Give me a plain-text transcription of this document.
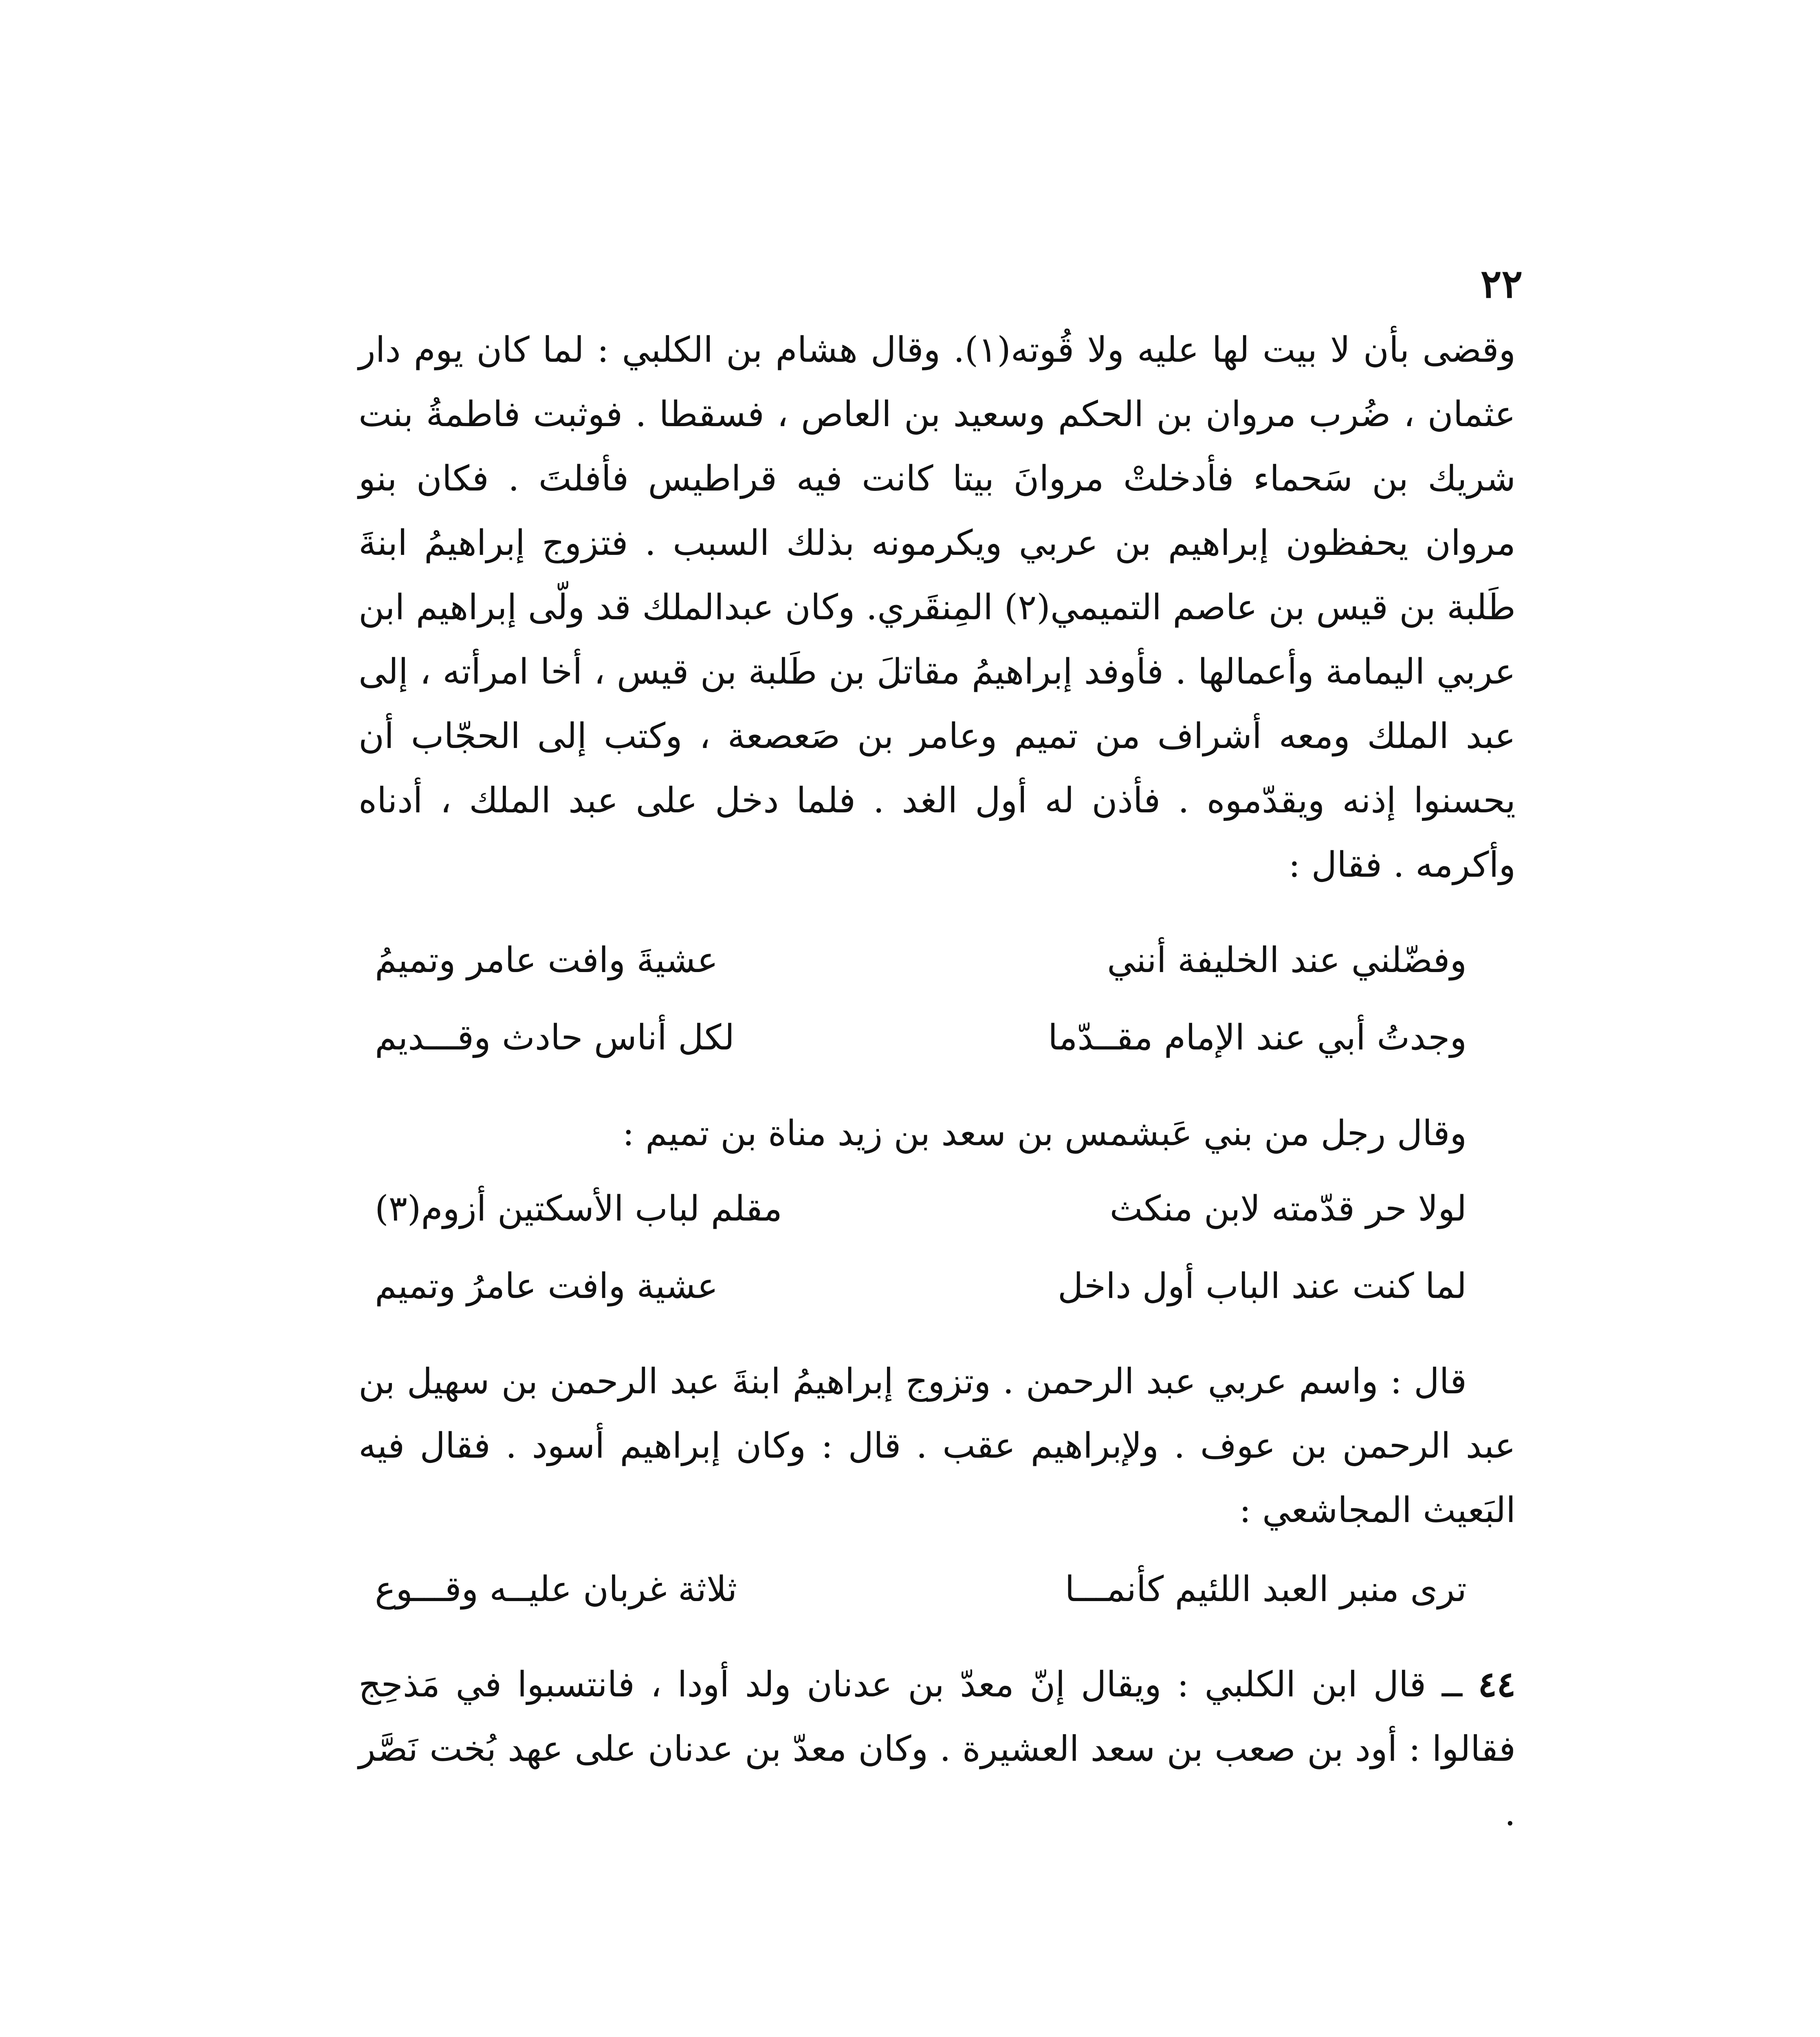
٢٢

وقضى بأن لا بيت لها عليه ولا قُوته(١). وقال هشام بن الكلبي : لما كان يوم دار عثمان ، ضُرب مروان بن الحكم وسعيد بن العاص ، فسقطا . فوثبت فاطمةُ بنت شريك بن سَحماء فأدخلتْ مروانَ بيتا كانت فيه قراطيس فأفلتَ . فكان بنو مروان يحفظون إبراهيم بن عربي ويكرمونه بذلك السبب . فتزوج إبراهيمُ ابنةَ طَلبة بن قيس بن عاصم التميمي(٢) المِنقَري. وكان عبدالملك قد ولّى إبراهيم ابن عربي اليمامة وأعمالها . فأوفد إبراهيمُ مقاتلَ بن طَلبة بن قيس ، أخا امرأته ، إلى عبد الملك ومعه أشراف من تميم وعامر بن صَعصعة ، وكتب إلى الحجّاب أن يحسنوا إذنه ويقدّموه . فأذن له أول الغد . فلما دخل على عبد الملك ، أدناه وأكرمه . فقال :

وفضّلني عند الخليفة أنني
عشيةَ وافت عامر وتميمُ
وجدتُ أبي عند الإمام مقــدّما
لكل أناس حادث وقـــديم

وقال رجل من بني عَبشمس بن سعد بن زيد مناة بن تميم :

لولا حر قدّمته لابن منكث
مقلم لباب الأسكتين أزوم(٣)
لما كنت عند الباب أول داخل
عشية وافت عامرُ وتميم

قال : واسم عربي عبد الرحمن . وتزوج إبراهيمُ ابنةَ عبد الرحمن بن سهيل بن عبد الرحمن بن عوف . ولإبراهيم عقب . قال : وكان إبراهيم أسود . فقال فيه البَعيث المجاشعي :

ترى منبر العبد اللئيم كأنمـــا
ثلاثة غربان عليــه وقـــوع

٤٤ ــ قال ابن الكلبي : ويقال إنّ معدّ بن عدنان ولد أودا ، فانتسبوا في مَذحِج فقالوا : أود بن صعب بن سعد العشيرة . وكان معدّ بن عدنان على عهد بُخت نَصَّر .
